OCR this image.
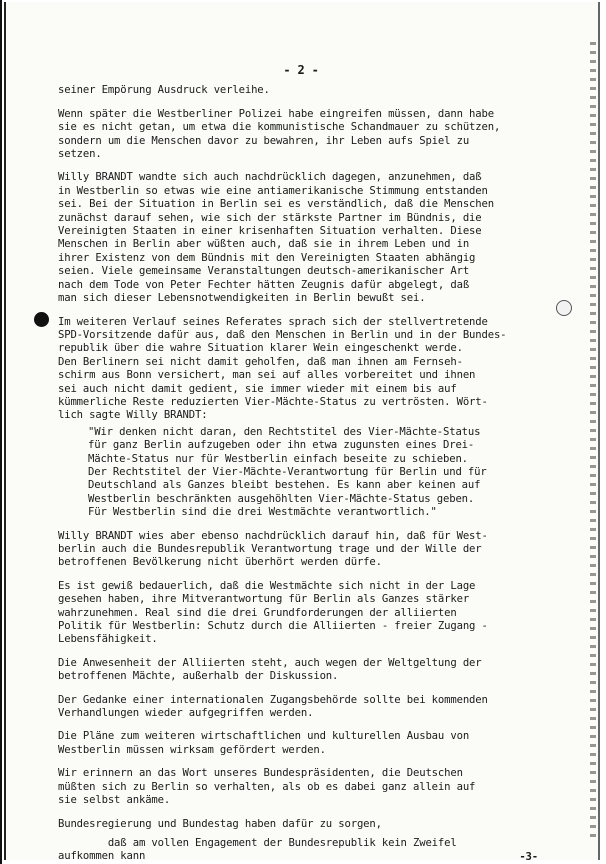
- 2 -

seiner Empörung Ausdruck verleihe.

Wenn später die Westberliner Polizei habe eingreifen müssen, dann habe
sie es nicht getan, um etwa die kommunistische Schandmauer zu schützen,
sondern um die Menschen davor zu bewahren, ihr Leben aufs Spiel zu
setzen.

Willy BRANDT wandte sich auch nachdrücklich dagegen, anzunehmen, daß
in Westberlin so etwas wie eine antiamerikanische Stimmung entstanden
sei. Bei der Situation in Berlin sei es verständlich, daß die Menschen
zunächst darauf sehen, wie sich der stärkste Partner im Bündnis, die
Vereinigten Staaten in einer krisenhaften Situation verhalten. Diese
Menschen in Berlin aber wüßten auch, daß sie in ihrem Leben und in
ihrer Existenz von dem Bündnis mit den Vereinigten Staaten abhängig
seien. Viele gemeinsame Veranstaltungen deutsch-amerikanischer Art
nach dem Tode von Peter Fechter hätten Zeugnis dafür abgelegt, daß
man sich dieser Lebensnotwendigkeiten in Berlin bewußt sei.

Im weiteren Verlauf seines Referates sprach sich der stellvertretende
SPD-Vorsitzende dafür aus, daß den Menschen in Berlin und in der Bundes-
republik über die wahre Situation klarer Wein eingeschenkt werde.
Den Berlinern sei nicht damit geholfen, daß man ihnen am Fernseh-
schirm aus Bonn versichert, man sei auf alles vorbereitet und ihnen
sei auch nicht damit gedient, sie immer wieder mit einem bis auf
kümmerliche Reste reduzierten Vier-Mächte-Status zu vertrösten. Wört-
lich sagte Willy BRANDT:

"Wir denken nicht daran, den Rechtstitel des Vier-Mächte-Status
für ganz Berlin aufzugeben oder ihn etwa zugunsten eines Drei-
Mächte-Status nur für Westberlin einfach beseite zu schieben.
Der Rechtstitel der Vier-Mächte-Verantwortung für Berlin und für
Deutschland als Ganzes bleibt bestehen. Es kann aber keinen auf
Westberlin beschränkten ausgehöhlten Vier-Mächte-Status geben.
Für Westberlin sind die drei Westmächte verantwortlich."

Willy BRANDT wies aber ebenso nachdrücklich darauf hin, daß für West-
berlin auch die Bundesrepublik Verantwortung trage und der Wille der
betroffenen Bevölkerung nicht überhört werden dürfe.

Es ist gewiß bedauerlich, daß die Westmächte sich nicht in der Lage
gesehen haben, ihre Mitverantwortung für Berlin als Ganzes stärker
wahrzunehmen. Real sind die drei Grundforderungen der alliierten
Politik für Westberlin: Schutz durch die Alliierten - freier Zugang -
Lebensfähigkeit.

Die Anwesenheit der Alliierten steht, auch wegen der Weltgeltung der
betroffenen Mächte, außerhalb der Diskussion.

Der Gedanke einer internationalen Zugangsbehörde sollte bei kommenden
Verhandlungen wieder aufgegriffen werden.

Die Pläne zum weiteren wirtschaftlichen und kulturellen Ausbau von
Westberlin müssen wirksam gefördert werden.

Wir erinnern an das Wort unseres Bundespräsidenten, die Deutschen
müßten sich zu Berlin so verhalten, als ob es dabei ganz allein auf
sie selbst ankäme.

Bundesregierung und Bundestag haben dafür zu sorgen,

daß am vollen Engagement der Bundesrepublik kein Zweifel
aufkommen kann	-3-
